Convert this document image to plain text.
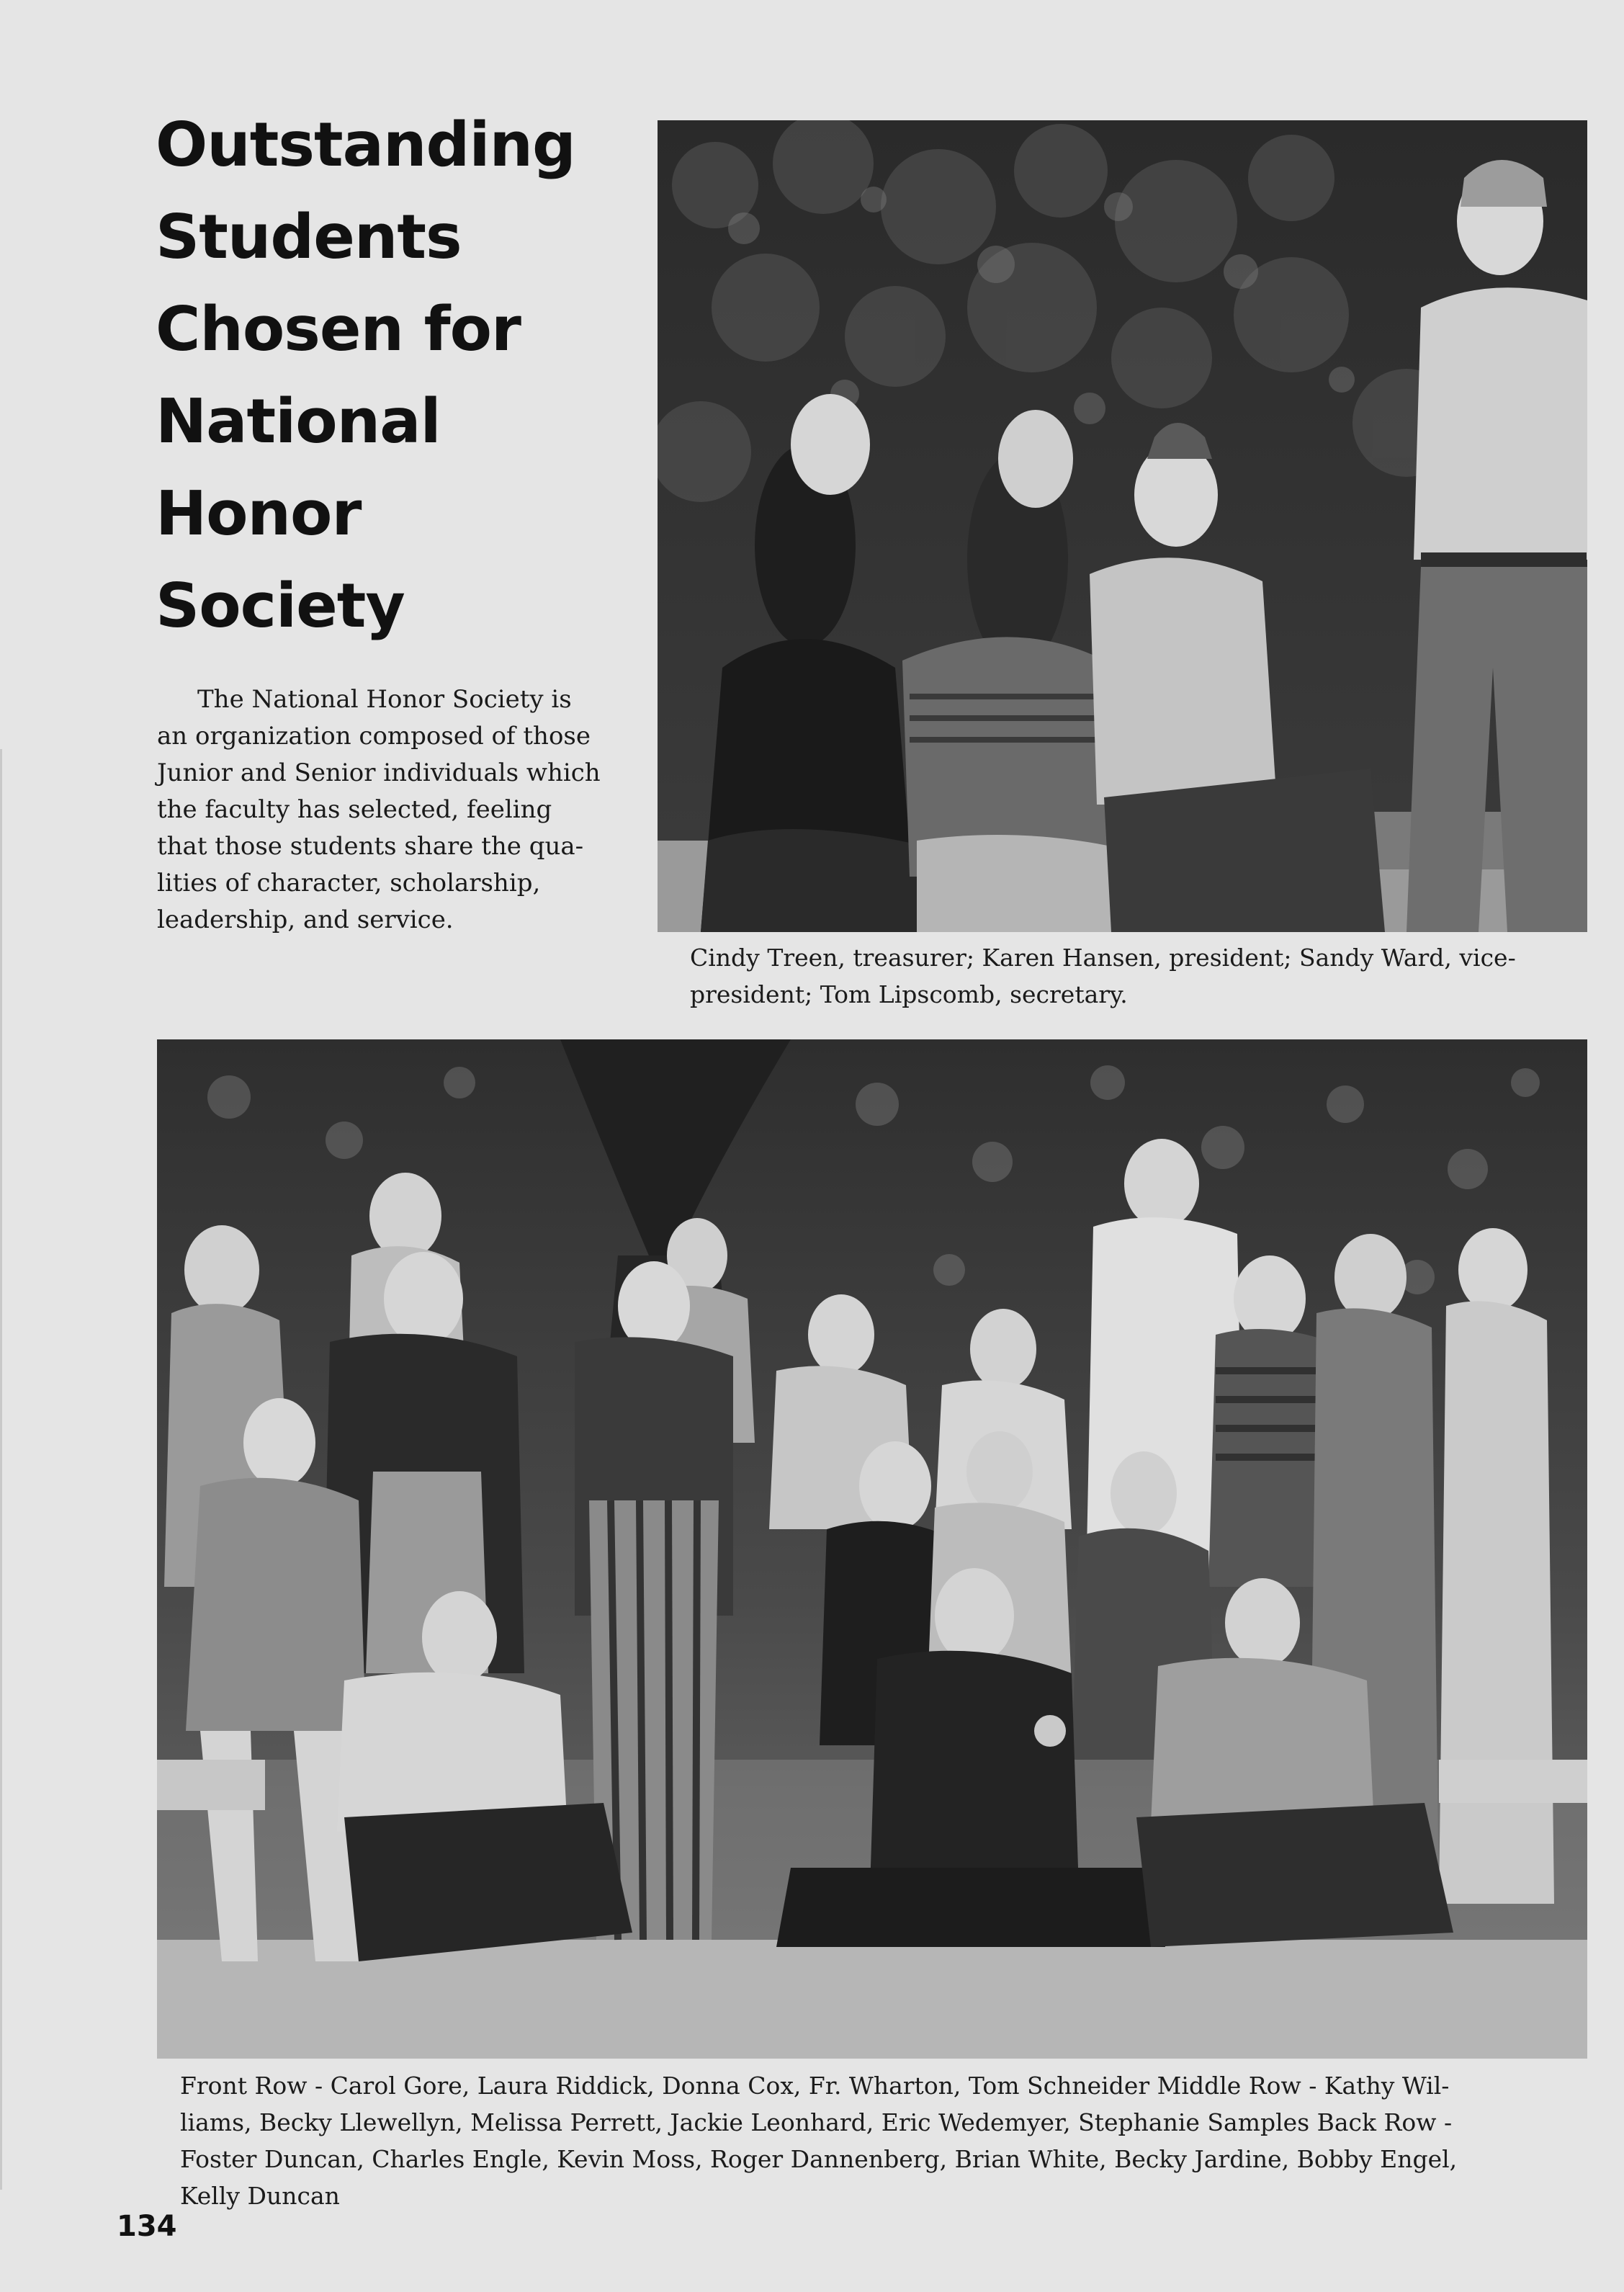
Outstanding
Students
Chosen for
National
Honor
Society
The National Honor Society is
an organization composed of those
Junior and Senior individuals which
the faculty has selected, feeling
that those students share the qua-
lities of character, scholarship,
leadership, and service.
Cindy Treen, treasurer; Karen Hansen, president; Sandy Ward, vice-
president; Tom Lipscomb, secretary.
Front Row - Carol Gore, Laura Riddick, Donna Cox, Fr. Wharton, Tom Schneider Middle Row - Kathy Wil-
liams, Becky Llewellyn, Melissa Perrett, Jackie Leonhard, Eric Wedemyer, Stephanie Samples Back Row -
Foster Duncan, Charles Engle, Kevin Moss, Roger Dannenberg, Brian White, Becky Jardine, Bobby Engel,
Kelly Duncan
134
